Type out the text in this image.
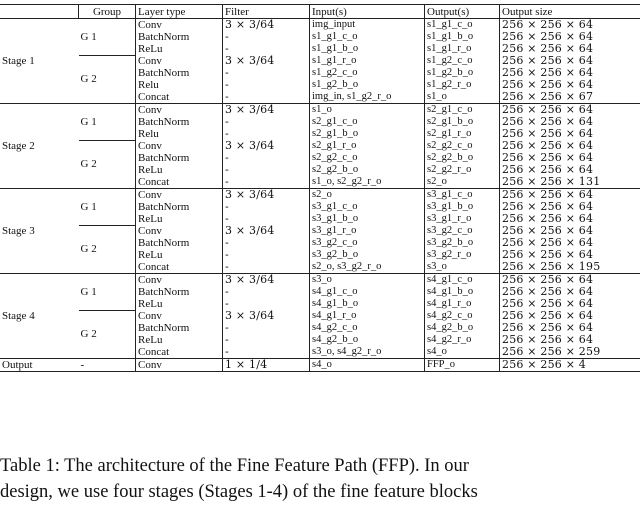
	Group	Layer type	Filter	Input(s)	Output(s)	Output size
Stage 1	G 1	Conv	3 × 3/64	img_input	s1_g1_c_o	256 × 256 × 64
		BatchNorm	-	s1_g1_c_o	s1_g1_b_o	256 × 256 × 64
		ReLu	-	s1_g1_b_o	s1_g1_r_o	256 × 256 × 64
	G 2	Conv	3 × 3/64	s1_g1_r_o	s1_g2_c_o	256 × 256 × 64
		BatchNorm	-	s1_g2_c_o	s1_g2_b_o	256 × 256 × 64
		Relu	-	s1_g2_b_o	s1_g2_r_o	256 × 256 × 64
		Concat	-	img_in, s1_g2_r_o	s1_o	256 × 256 × 67
Stage 2	G 1	Conv	3 × 3/64	s1_o	s2_g1_c_o	256 × 256 × 64
		BatchNorm	-	s2_g1_c_o	s2_g1_b_o	256 × 256 × 64
		Relu	-	s2_g1_b_o	s2_g1_r_o	256 × 256 × 64
	G 2	Conv	3 × 3/64	s2_g1_r_o	s2_g2_c_o	256 × 256 × 64
		BatchNorm	-	s2_g2_c_o	s2_g2_b_o	256 × 256 × 64
		ReLu	-	s2_g2_b_o	s2_g2_r_o	256 × 256 × 64
		Concat	-	s1_o, s2_g2_r_o	s2_o	256 × 256 × 131
Stage 3	G 1	Conv	3 × 3/64	s2_o	s3_g1_c_o	256 × 256 × 64
		BatchNorm	-	s3_g1_c_o	s3_g1_b_o	256 × 256 × 64
		ReLu	-	s3_g1_b_o	s3_g1_r_o	256 × 256 × 64
	G 2	Conv	3 × 3/64	s3_g1_r_o	s3_g2_c_o	256 × 256 × 64
		BatchNorm	-	s3_g2_c_o	s3_g2_b_o	256 × 256 × 64
		ReLu	-	s3_g2_b_o	s3_g2_r_o	256 × 256 × 64
		Concat	-	s2_o, s3_g2_r_o	s3_o	256 × 256 × 195
Stage 4	G 1	Conv	3 × 3/64	s3_o	s4_g1_c_o	256 × 256 × 64
		BatchNorm	-	s4_g1_c_o	s4_g1_b_o	256 × 256 × 64
		ReLu	-	s4_g1_b_o	s4_g1_r_o	256 × 256 × 64
	G 2	Conv	3 × 3/64	s4_g1_r_o	s4_g2_c_o	256 × 256 × 64
		BatchNorm	-	s4_g2_c_o	s4_g2_b_o	256 × 256 × 64
		ReLu	-	s4_g2_b_o	s4_g2_r_o	256 × 256 × 64
		Concat	-	s3_o, s4_g2_r_o	s4_o	256 × 256 × 259
Output	-	Conv	1 × 1/4	s4_o	FFP_o	256 × 256 × 4
Table 1: The architecture of the Fine Feature Path (FFP). In our
design, we use four stages (Stages 1-4) of the fine feature blocks
